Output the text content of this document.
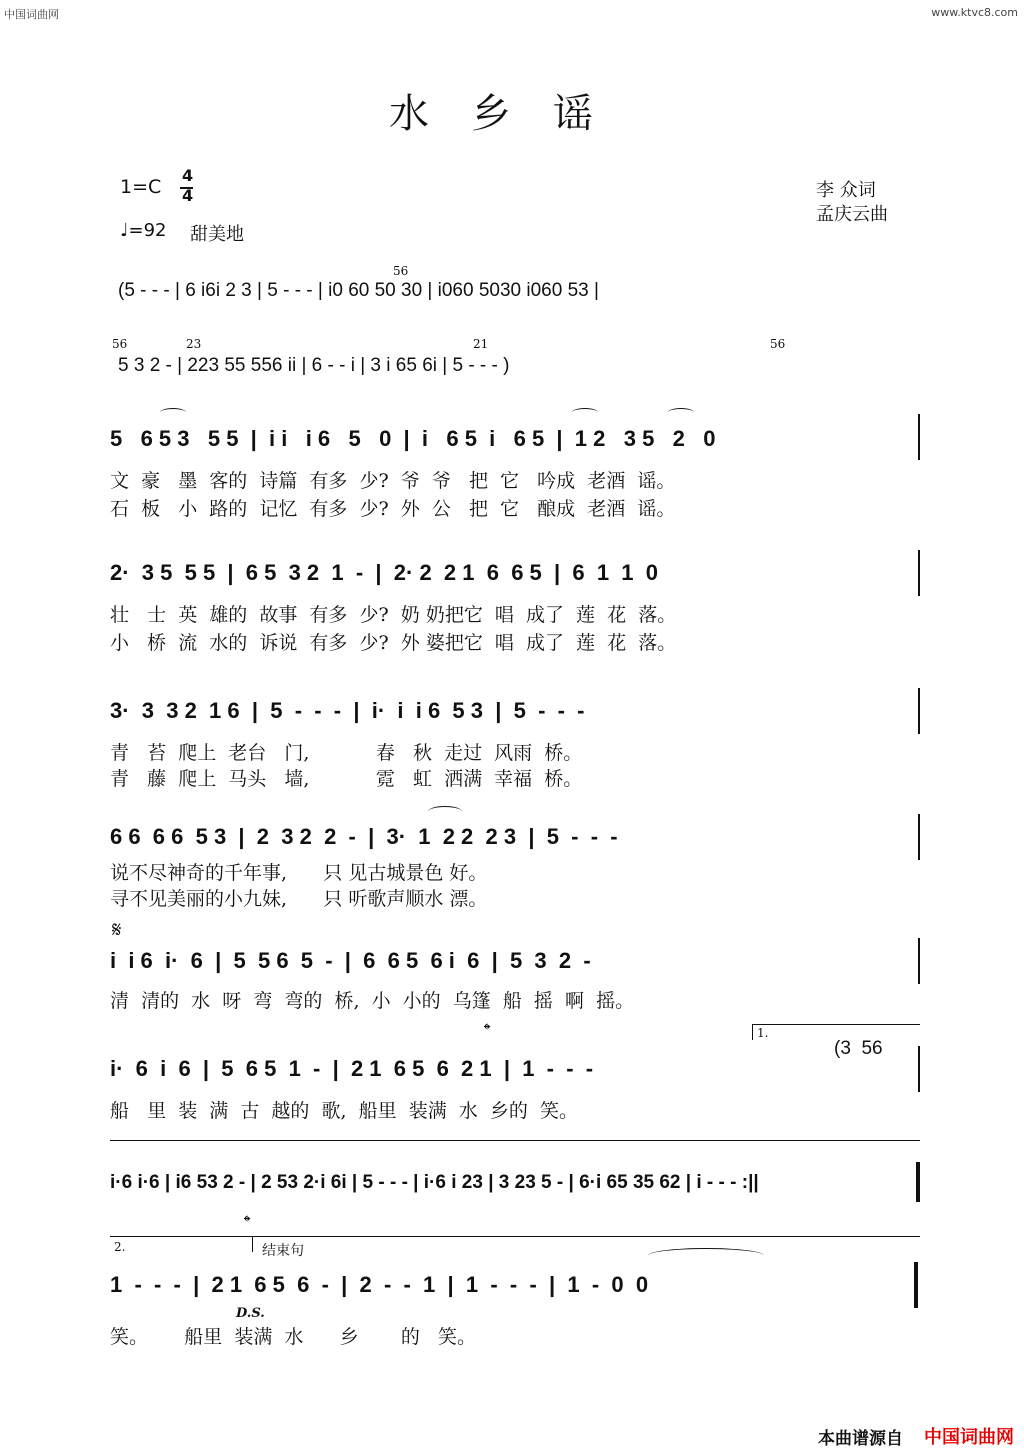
中国词曲网	www.ktvc8.com
水乡谣
1=C
4
4
♩=92 甜美地
李 众词
孟庆云曲
56
(5 - - - | 6 i6i 2 3 | 5 - - - | i0 60 50 30 | i060 5030 i060 53 |
56	23	21	56
5 3 2 - | 223 55 556 ii | 6 - - i | 3 i 65 6i | 5 - - - )
5   6 5 3   5 5  |  i i   i 6   5   0  |  i   6 5  i   6 5  |  1 2   3 5   2   0
文  豪   墨  客的  诗篇  有多  少?  爷  爷   把  它   吟成  老酒  谣。
石  板   小  路的  记忆  有多  少?  外  公   把  它   酿成  老酒  谣。
2·  3 5  5 5  |  6 5  3 2  1  -  |  2· 2  2 1  6  6 5  |  6  1  1  0
壮   士  英  雄的  故事  有多  少?  奶 奶把它  唱  成了  莲  花  落。
小   桥  流  水的  诉说  有多  少?  外 婆把它  唱  成了  莲  花  落。
3·  3  3 2  1 6  |  5  -  -  -  |  i·  i  i 6  5 3  |  5  -  -  -
青   苔  爬上  老台   门,           春   秋  走过  风雨  桥。
青   藤  爬上  马头   墙,           霓   虹  洒满  幸福  桥。
6 6  6 6  5 3  |  2  3 2  2  -  |  3·  1  2 2  2 3  |  5  -  -  -
说不尽神奇的千年事,      只 见古城景色 好。
寻不见美丽的小九妹,      只 听歌声顺水 漂。
𝄋
i  i 6  i·  6  |  5  5 6  5  -  |  6  6 5  6 i  6  |  5  3  2  -
清  清的  水  呀  弯  弯的  桥,  小  小的  乌篷  船  摇  啊  摇。
𝄌	1.
i·  6  i  6  |  5  6 5  1  -  |  2 1  6 5  6  2 1  |  1  -  -  -
(3  56
船   里  装  满  古  越的  歌,  船里  装满  水  乡的  笑。
i·6 i·6 | i6 53 2 - | 2 53 2·i 6i | 5 - - - | i·6 i 23 | 3 23 5 - | 6·i 65 35 62 | i - - - :||
𝄌
2.	结束句
1  -  -  -  |  2 1  6 5  6  -  |  2  -  -  1  |  1  -  -  -  |  1  -  0  0
D.S.
笑。      船里  装满  水      乡       的   笑。
本曲谱源自 中国词曲网
